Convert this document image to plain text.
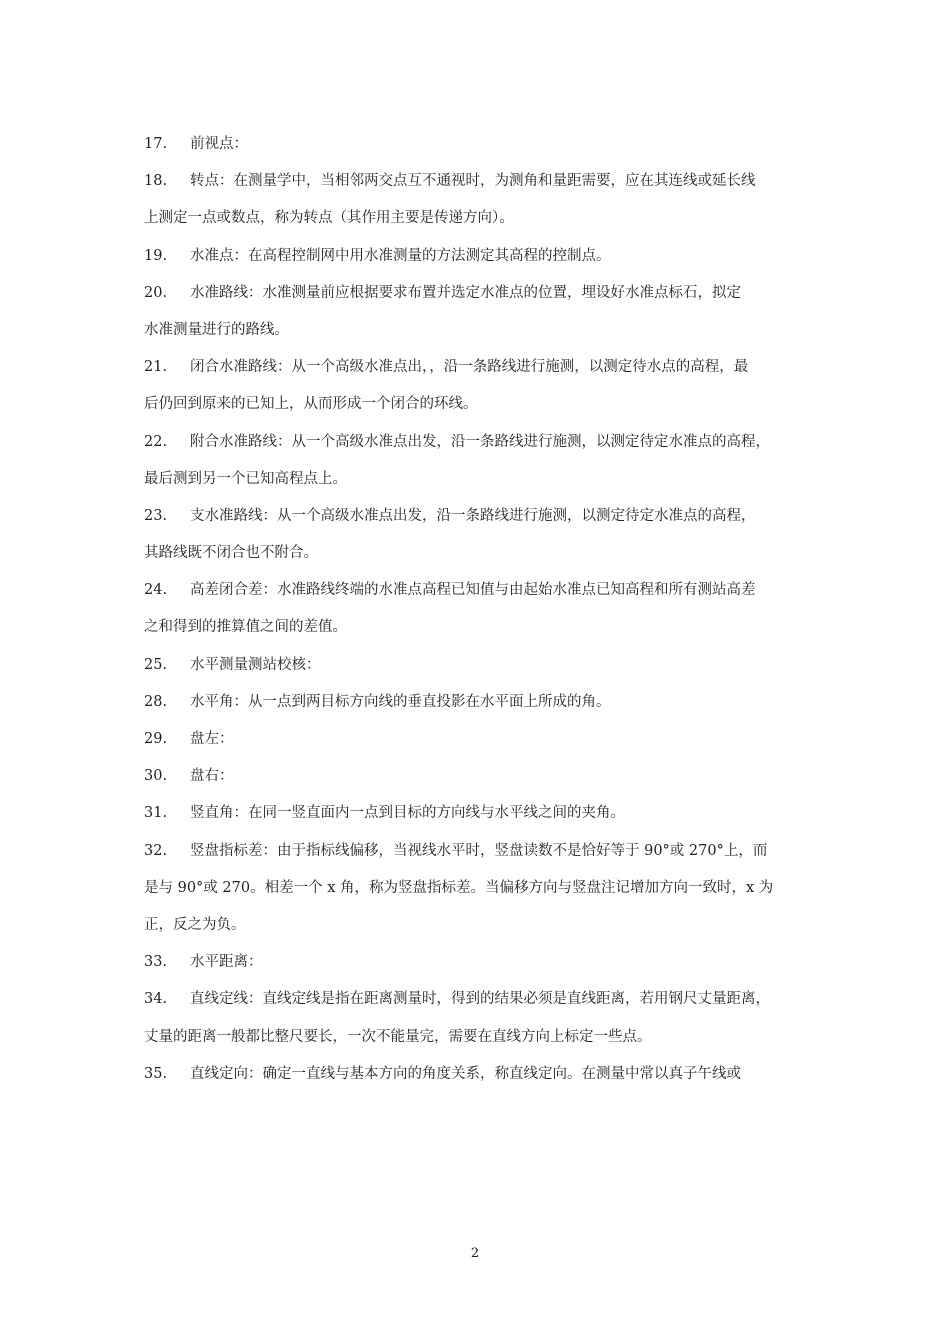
17. 前视点：
18. 转点：在测量学中，当相邻两交点互不通视时，为测角和量距需要，应在其连线或延长线
上测定一点或数点，称为转点（其作用主要是传递方向）。
19. 水准点：在高程控制网中用水准测量的方法测定其高程的控制点。
20. 水准路线：水准测量前应根据要求布置并选定水准点的位置，埋设好水准点标石，拟定
水准测量进行的路线。
21. 闭合水准路线：从一个高级水准点出，，沿一条路线进行施测，以测定待水点的高程，最
后仍回到原来的已知上，从而形成一个闭合的环线。
22. 附合水准路线：从一个高级水准点出发，沿一条路线进行施测，以测定待定水准点的高程，
最后测到另一个已知高程点上。
23. 支水准路线：从一个高级水准点出发，沿一条路线进行施测，以测定待定水准点的高程，
其路线既不闭合也不附合。
24. 高差闭合差：水准路线终端的水准点高程已知值与由起始水准点已知高程和所有测站高差
之和得到的推算值之间的差值。
25. 水平测量测站校核：
28. 水平角：从一点到两目标方向线的垂直投影在水平面上所成的角。
29. 盘左：
30. 盘右：
31. 竖直角：在同一竖直面内一点到目标的方向线与水平线之间的夹角。
32. 竖盘指标差：由于指标线偏移，当视线水平时，竖盘读数不是恰好等于 90°或 270°上，而
是与 90°或 270。相差一个 x 角，称为竖盘指标差。当偏移方向与竖盘注记增加方向一致时，x 为
正，反之为负。
33. 水平距离：
34. 直线定线：直线定线是指在距离测量时，得到的结果必须是直线距离，若用钢尺丈量距离，
丈量的距离一般都比整尺要长，一次不能量完，需要在直线方向上标定一些点。
35. 直线定向：确定一直线与基本方向的角度关系，称直线定向。在测量中常以真子午线或
2
